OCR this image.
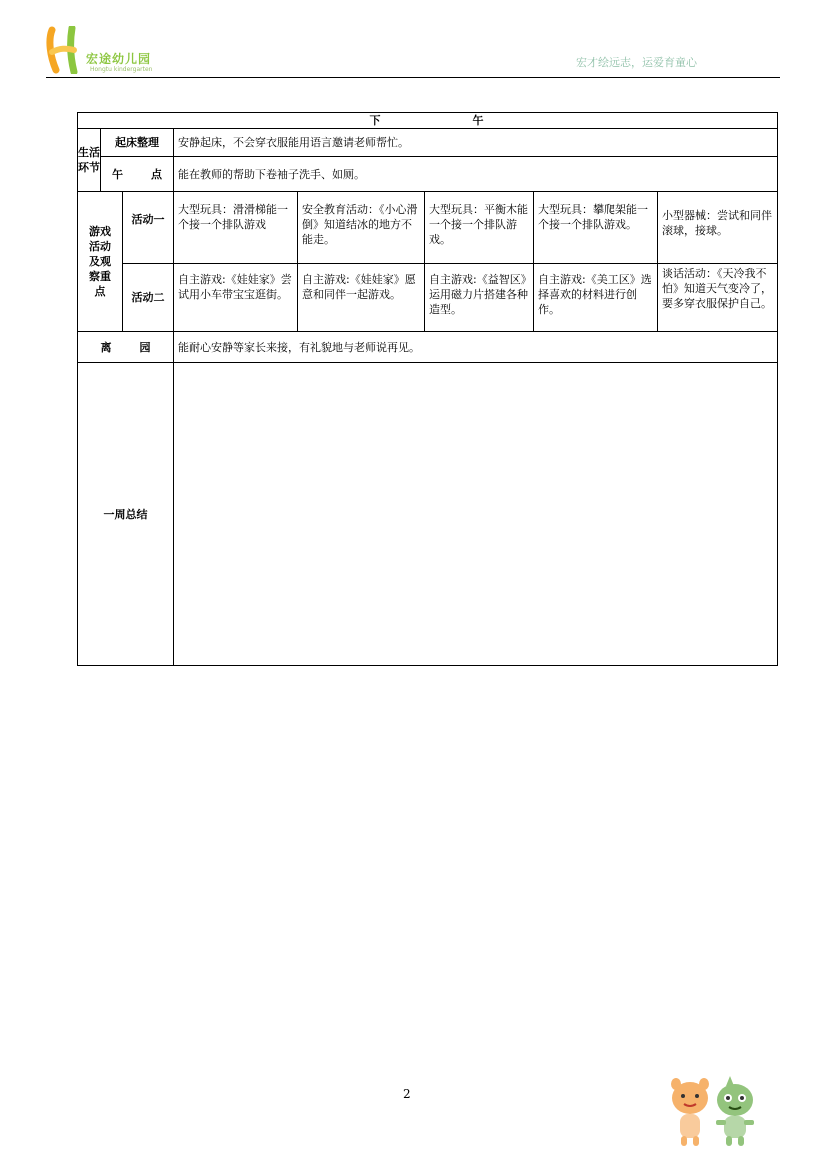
宏途幼儿园
Hongtu kindergarten
宏才绘远志，运爱育童心
下 午							
生活环节	起床整理		安静起床，不会穿衣服能用语言邀请老师帮忙。				
	午 点		能在教师的帮助下卷袖子洗手、如厕。				
游戏活动及观察重点		活动一	大型玩具：滑滑梯能一个接一个排队游戏	安全教育活动：《小心滑倒》知道结冰的地方不能走。	大型玩具：平衡木能一个接一个排队游戏。	大型玩具：攀爬架能一个接一个排队游戏。	小型器械：尝试和同伴滚球，接球。
		活动二	自主游戏:《娃娃家》尝试用小车带宝宝逛街。	自主游戏:《娃娃家》愿意和同伴一起游戏。	自主游戏:《益智区》运用磁力片搭建各种造型。	自主游戏:《美工区》选择喜欢的材料进行创作。	谈话活动：《天冷我不怕》知道天气变冷了，要多穿衣服保护自己。
离 园			能耐心安静等家长来接，有礼貌地与老师说再见。				
一周总结							
2
